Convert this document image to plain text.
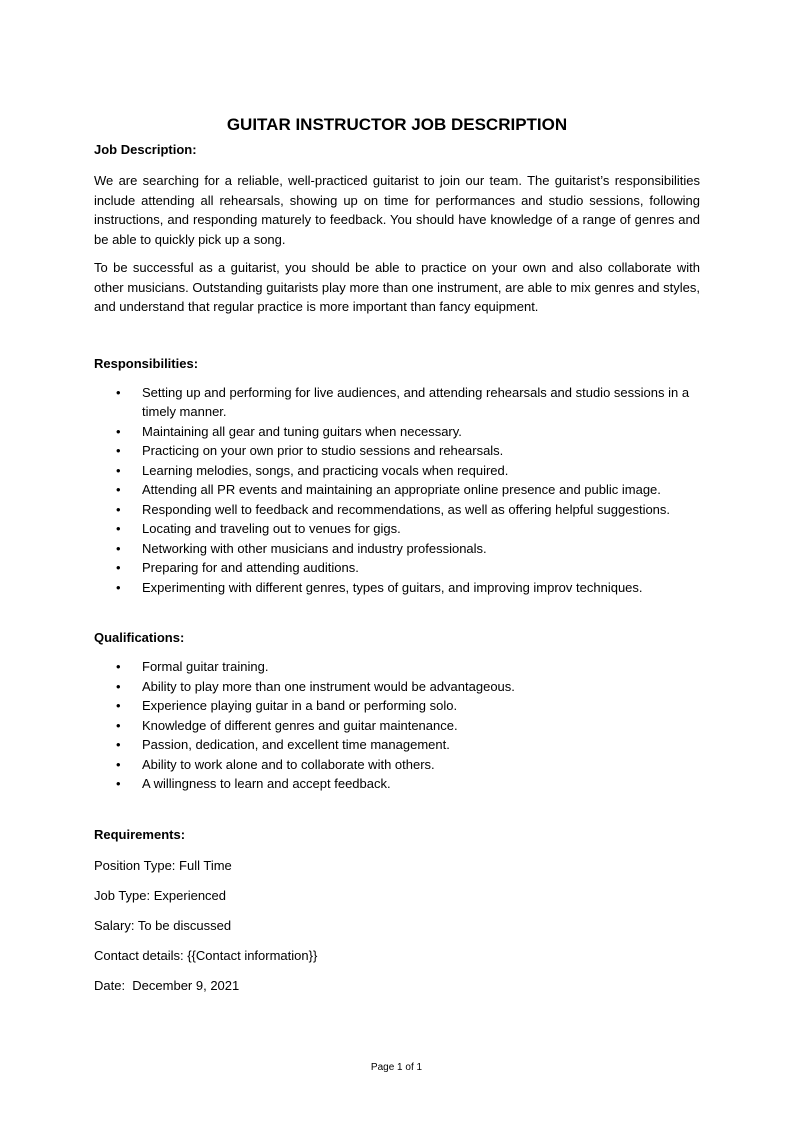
GUITAR INSTRUCTOR JOB DESCRIPTION
Job Description:

We are searching for a reliable, well-practiced guitarist to join our team. The guitarist’s responsibilities include attending all rehearsals, showing up on time for performances and studio sessions, following instructions, and responding maturely to feedback. You should have knowledge of a range of genres and be able to quickly pick up a song.

To be successful as a guitarist, you should be able to practice on your own and also collaborate with other musicians. Outstanding guitarists play more than one instrument, are able to mix genres and styles, and understand that regular practice is more important than fancy equipment.

Responsibilities:
• Setting up and performing for live audiences, and attending rehearsals and studio sessions in a timely manner.
• Maintaining all gear and tuning guitars when necessary.
• Practicing on your own prior to studio sessions and rehearsals.
• Learning melodies, songs, and practicing vocals when required.
• Attending all PR events and maintaining an appropriate online presence and public image.
• Responding well to feedback and recommendations, as well as offering helpful suggestions.
• Locating and traveling out to venues for gigs.
• Networking with other musicians and industry professionals.
• Preparing for and attending auditions.
• Experimenting with different genres, types of guitars, and improving improv techniques.
Qualifications:
• Formal guitar training.
• Ability to play more than one instrument would be advantageous.
• Experience playing guitar in a band or performing solo.
• Knowledge of different genres and guitar maintenance.
• Passion, dedication, and excellent time management.
• Ability to work alone and to collaborate with others.
• A willingness to learn and accept feedback.
Requirements:

Position Type: Full Time

Job Type: Experienced

Salary: To be discussed

Contact details: {{Contact information}}

Date:  December 9, 2021

Page 1 of 1
